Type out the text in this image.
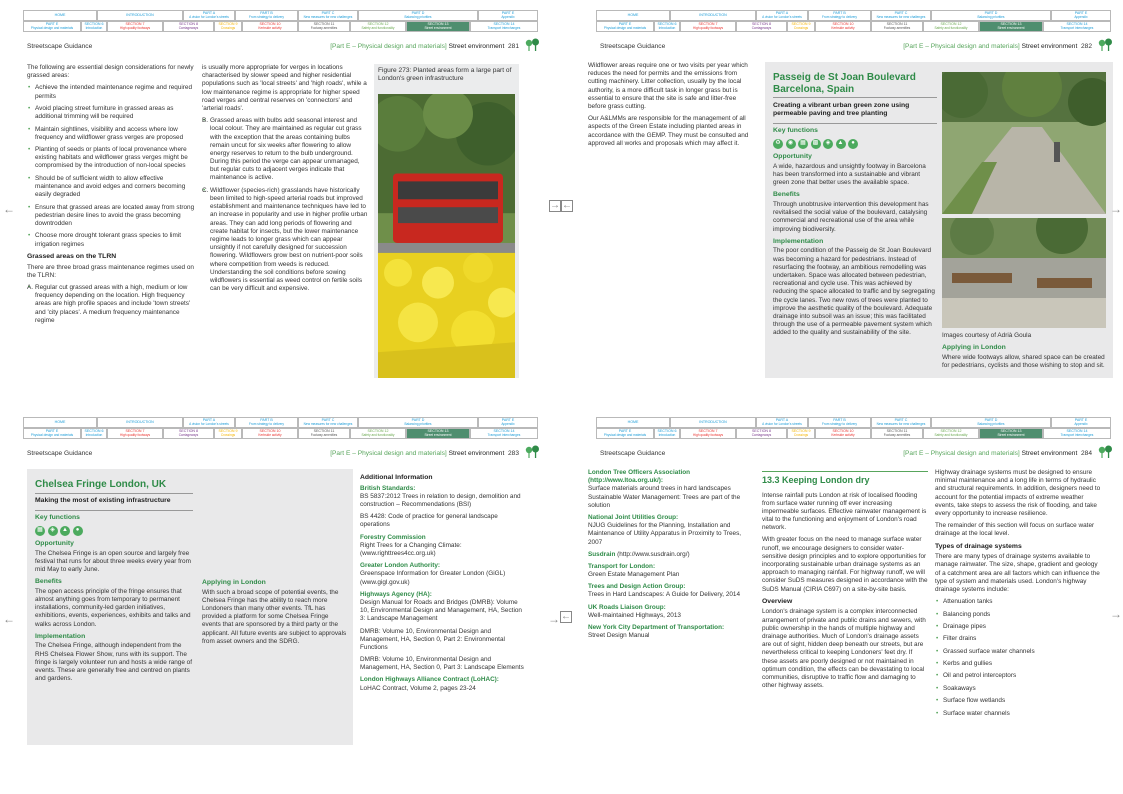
HOME	INTRODUCTION	PART A
A vision for London's streets
PART B
From strategy to delivery
PART C
New measures for new challenges
PART D
Balancing priorities
PART E
Appendix
PART E
Physical design and materials
SECTION 6
Introduction
SECTION 7
High quality footways
SECTION 8
Carriageways
SECTION 9
Crossings
SECTION 10
Kerbside activity
SECTION 11
Footway amenities
SECTION 12
Safety and functionality
SECTION 13
Street environment
SECTION 14
Transport interchanges
Streetscape Guidance	[Part E – Physical design and materials] Street environment 281

The following are essential design considerations for newly grassed areas:

• Achieve the intended maintenance regime and required permits
• Avoid placing street furniture in grassed areas as additional trimming will be required
• Maintain sightlines, visibility and access where low frequency and wildflower grass verges are proposed
• Planting of seeds or plants of local provenance where existing habitats and wildflower grass verges might be compromised by the introduction of non-local species
• Should be of sufficient width to allow effective maintenance and avoid edges and corners becoming easily degraded
• Ensure that grassed areas are located away from strong pedestrian desire lines to avoid the grass becoming downtrodden
• Choose more drought tolerant grass species to limit irrigation regimes
Grassed areas on the TLRN

There are three broad grass maintenance regimes used on the TLRN:

• A. Regular cut grassed areas with a high, medium or low frequency depending on the location. High frequency areas are high profile spaces and include 'town streets' and 'city places'. A medium frequency maintenance regime

is usually more appropriate for verges in locations characterised by slower speed and higher residential populations such as 'local streets' and 'high roads', while a low maintenance regime is appropriate for higher speed road verges and central reserves on 'connectors' and 'arterial roads'.

• B. Grassed areas with bulbs add seasonal interest and local colour. They are maintained as regular cut grass with the exception that the areas containing bulbs remain uncut for six weeks after flowering to allow energy reserves to return to the bulb underground. During this period the verge can appear unmanaged, but regular cuts to adjacent verges indicate that maintenance is active.
• C. Wildflower (species-rich) grasslands have historically been limited to high-speed arterial roads but improved establishment and maintenance techniques have led to an increase in popularity and use in higher profile urban areas. They can add long periods of flowering and create habitat for insects, but the lower maintenance regime leads to longer grass which can appear unsightly if not carefully designed for succession flowering. Wildflowers grow best on nutrient-poor soils where competition from weeds is reduced. Understanding the soil conditions before sowing wildflowers is essential as weed control on fertile soils can be very difficult and expensive.
Figure 273: Planted areas form a large part of London's green infrastructure
←	→ ←
HOME	INTRODUCTION	PART A
A vision for London's streets
PART B
From strategy to delivery
PART C
New measures for new challenges
PART D
Balancing priorities
PART E
Appendix
PART E
Physical design and materials
SECTION 6
Introduction
SECTION 7
High quality footways
SECTION 8
Carriageways
SECTION 9
Crossings
SECTION 10
Kerbside activity
SECTION 11
Footway amenities
SECTION 12
Safety and functionality
SECTION 13
Street environment
SECTION 14
Transport interchanges
Streetscape Guidance	[Part E – Physical design and materials] Street environment 282

Wildflower areas require one or two visits per year which reduces the need for permits and the emissions from cutting machinery. Litter collection, usually by the local authority, is a more difficult task in longer grass but is essential to ensure that the site is safe and litter-free before grass cutting.

Our A&LMMs are responsible for the management of all aspects of the Green Estate including planted areas in accordance with the GEMP. They must be consulted and approved all works and proposals which may affect it.

Passeig de St Joan Boulevard Barcelona, Spain
Creating a vibrant urban green zone using permeable paving and tree planting
Key functions
♻	◉	▦	▩	◈	▲	●
Opportunity

A wide, hazardous and unsightly footway in Barcelona has been transformed into a sustainable and vibrant green zone that better uses the available space.

Benefits

Through unobtrusive intervention this development has revitalised the social value of the boulevard, catalysing commercial and recreational use of the area while improving biodiversity.

Implementation

The poor condition of the Passeig de St Joan Boulevard was becoming a hazard for pedestrians. Instead of resurfacing the footway, an ambitious remodelling was undertaken. Space was allocated between pedestrian, recreational and cycle use. This was achieved by reducing the space allocated to traffic and by segregating the cycle lanes. Two new rows of trees were planted to improve the aesthetic quality of the boulevard. Adequate drainage into subsoil was an issue; this was facilitated through the use of a permeable pavement system which added to the quality and sustainability of the site.	Images courtesy of Adrià Goula

Applying in London

Where wide footways allow, shared space can be created for pedestrians, cyclists and those wishing to stop and sit.

→
HOME	INTRODUCTION	PART A
A vision for London's streets
PART B
From strategy to delivery
PART C
New measures for new challenges
PART D
Balancing priorities
PART E
Appendix
PART E
Physical design and materials
SECTION 6
Introduction
SECTION 7
High quality footways
SECTION 8
Carriageways
SECTION 9
Crossings
SECTION 10
Kerbside activity
SECTION 11
Footway amenities
SECTION 12
Safety and functionality
SECTION 13
Street environment
SECTION 14
Transport interchanges
Streetscape Guidance	[Part E – Physical design and materials] Street environment 283
Chelsea Fringe London, UK
Making the most of existing infrastructure
Key functions
▦	◈	▲	●
Opportunity

The Chelsea Fringe is an open source and largely free festival that runs for about three weeks every year from mid May to early June.

Benefits

The open access principle of the fringe ensures that almost anything goes from temporary to permanent installations, community-led garden initiatives, exhibitions, events, experiences, exhibits and talks and walks across London.

Implementation

The Chelsea Fringe, although independent from the RHS Chelsea Flower Show, runs with its support. The fringe is largely volunteer run and hosts a wide range of events. These are generally free and centred on plants and gardens.

Applying in London

With such a broad scope of potential events, the Chelsea Fringe has the ability to reach more Londoners than many other events. TfL has provided a platform for some Chelsea Fringe events that are sponsored by a third party or the applicant. All future events are subject to approvals from asset owners and the SDRG.

Additional Information
British Standards:

BS 5837:2012 Trees in relation to design, demolition and construction – Recommendations (BSI)

BS 4428: Code of practice for general landscape operations

Forestry Commission

Right Trees for a Changing Climate: (www.righttrees4cc.org.uk)

Greater London Authority:

Greenspace Information for Greater London (GiGL) (www.gigl.gov.uk)

Highways Agency (HA):

Design Manual for Roads and Bridges (DMRB): Volume 10, Environmental Design and Management, HA, Section 3: Landscape Management

DMRB: Volume 10, Environmental Design and Management, HA, Section 0, Part 2: Environmental Functions

DMRB: Volume 10, Environmental Design and Management, HA, Section 0, Part 3: Landscape Elements

London Highways Alliance Contract (LoHAC):

LoHAC Contract, Volume 2, pages 23-24

←	→ ←
HOME	INTRODUCTION	PART A
A vision for London's streets
PART B
From strategy to delivery
PART C
New measures for new challenges
PART D
Balancing priorities
PART E
Appendix
PART E
Physical design and materials
SECTION 6
Introduction
SECTION 7
High quality footways
SECTION 8
Carriageways
SECTION 9
Crossings
SECTION 10
Kerbside activity
SECTION 11
Footway amenities
SECTION 12
Safety and functionality
SECTION 13
Street environment
SECTION 14
Transport interchanges
Streetscape Guidance	[Part E – Physical design and materials] Street environment 284
London Tree Officers Association (http://www.ltoa.org.uk/):

Surface materials around trees in hard landscapes

Sustainable Water Management: Trees are part of the solution

National Joint Utilities Group:

NJUG Guidelines for the Planning, Installation and Maintenance of Utility Apparatus in Proximity to Trees, 2007

Susdrain (http://www.susdrain.org/)

Transport for London:

Green Estate Management Plan

Trees and Design Action Group:

Trees in Hard Landscapes: A Guide for Delivery, 2014

UK Roads Liaison Group:

Well-maintained Highways, 2013

New York City Department of Transportation:

Street Design Manual

13.3 Keeping London dry

Intense rainfall puts London at risk of localised flooding from surface water running off ever increasing impermeable surfaces. Effective rainwater management is vital to the functioning and enjoyment of London's road network.

With greater focus on the need to manage surface water runoff, we encourage designers to consider water-sensitive design principles and to explore opportunities for incorporating sustainable urban drainage systems as an approach to managing rainfall. For highway runoff, we will consider SuDS measures designed in accordance with the SuDS Manual (CIRIA C697) on a site-by-site basis.

Overview

London's drainage system is a complex interconnected arrangement of private and public drains and sewers, with public ownership in the hands of multiple highway and drainage authorities. Much of London's drainage assets are out of sight, hidden deep beneath our streets, but are nevertheless critical to keeping Londoners' feet dry. If these assets are poorly designed or not maintained in optimum condition, the effects can be devastating to local communities, disruptive to traffic flow and damaging to other highway assets.

Highway drainage systems must be designed to ensure minimal maintenance and a long life in terms of hydraulic and structural requirements. In addition, designers need to account for the potential impacts of extreme weather events, take steps to assess the risk of flooding, and take every opportunity to increase resilience.

The remainder of this section will focus on surface water drainage at the local level.

Types of drainage systems

There are many types of drainage systems available to manage rainwater. The size, shape, gradient and geology of a catchment area are all factors which can influence the type of system and materials used. London's highway drainage systems include:

• Attenuation tanks
• Balancing ponds
• Drainage pipes
• Filter drains
• Grassed surface water channels
• Kerbs and gullies
• Oil and petrol interceptors
• Soakaways
• Surface flow wetlands
• Surface water channels
→
